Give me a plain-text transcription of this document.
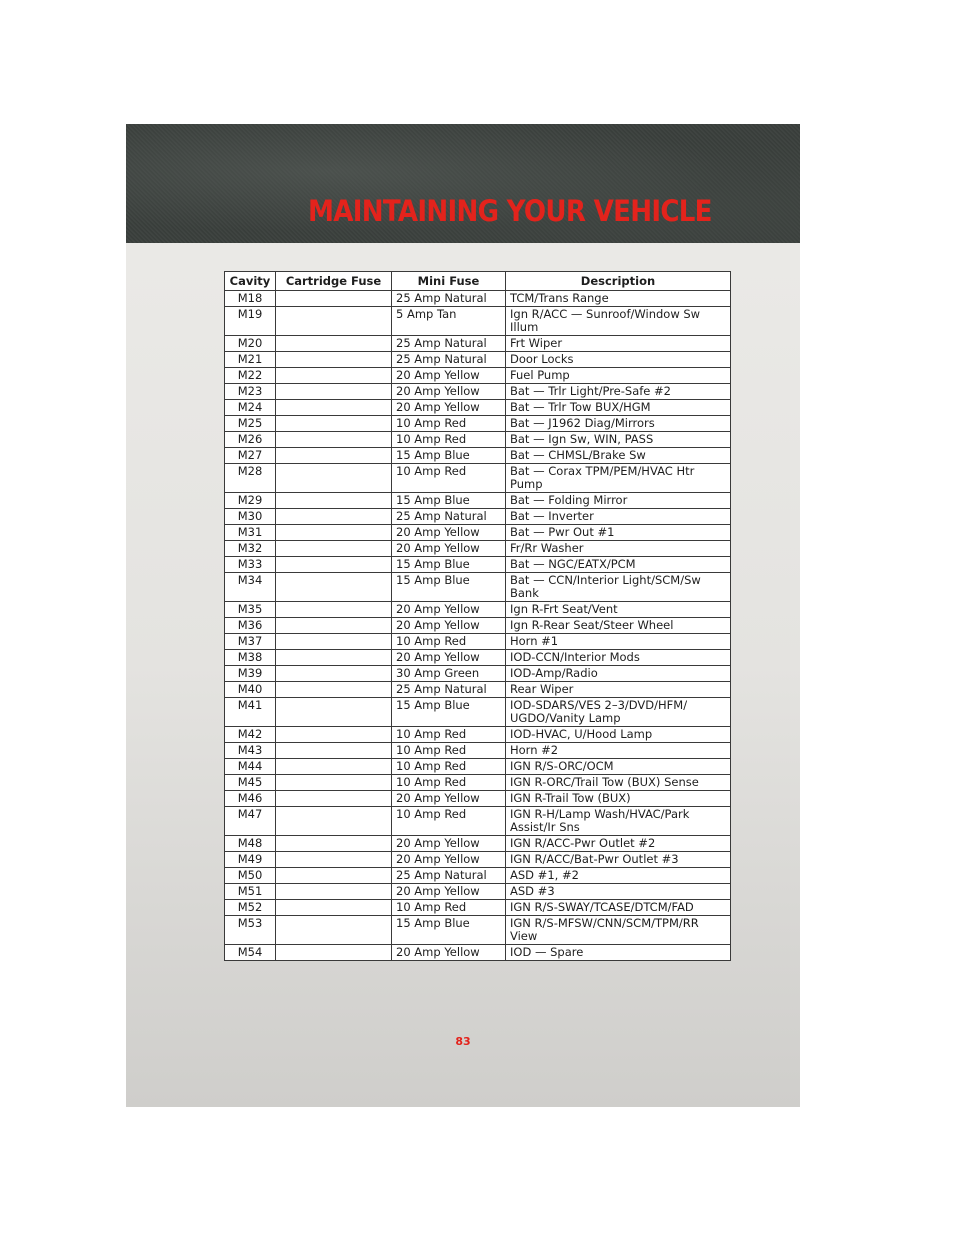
MAINTAINING YOUR VEHICLE
Cavity	Cartridge Fuse	Mini Fuse	Description
M18		25 Amp Natural	TCM/Trans Range
M19		5 Amp Tan	Ign R/ACC — Sunroof/Window Sw Illum
M20		25 Amp Natural	Frt Wiper
M21		25 Amp Natural	Door Locks
M22		20 Amp Yellow	Fuel Pump
M23		20 Amp Yellow	Bat — Trlr Light/Pre-Safe #2
M24		20 Amp Yellow	Bat — Trlr Tow BUX/HGM
M25		10 Amp Red	Bat — J1962 Diag/Mirrors
M26		10 Amp Red	Bat — Ign Sw, WIN, PASS
M27		15 Amp Blue	Bat — CHMSL/Brake Sw
M28		10 Amp Red	Bat — Corax TPM/PEM/HVAC Htr Pump
M29		15 Amp Blue	Bat — Folding Mirror
M30		25 Amp Natural	Bat — Inverter
M31		20 Amp Yellow	Bat — Pwr Out #1
M32		20 Amp Yellow	Fr/Rr Washer
M33		15 Amp Blue	Bat — NGC/EATX/PCM
M34		15 Amp Blue	Bat — CCN/Interior Light/SCM/Sw Bank
M35		20 Amp Yellow	Ign R-Frt Seat/Vent
M36		20 Amp Yellow	Ign R-Rear Seat/Steer Wheel
M37		10 Amp Red	Horn #1
M38		20 Amp Yellow	IOD-CCN/Interior Mods
M39		30 Amp Green	IOD-Amp/Radio
M40		25 Amp Natural	Rear Wiper
M41		15 Amp Blue	IOD-SDARS/VES 2–3/DVD/HFM/ UGDO/Vanity Lamp
M42		10 Amp Red	IOD-HVAC, U/Hood Lamp
M43		10 Amp Red	Horn #2
M44		10 Amp Red	IGN R/S-ORC/OCM
M45		10 Amp Red	IGN R-ORC/Trail Tow (BUX) Sense
M46		20 Amp Yellow	IGN R-Trail Tow (BUX)
M47		10 Amp Red	IGN R-H/Lamp Wash/HVAC/Park Assist/Ir Sns
M48		20 Amp Yellow	IGN R/ACC-Pwr Outlet #2
M49		20 Amp Yellow	IGN R/ACC/Bat-Pwr Outlet #3
M50		25 Amp Natural	ASD #1, #2
M51		20 Amp Yellow	ASD #3
M52		10 Amp Red	IGN R/S-SWAY/TCASE/DTCM/FAD
M53		15 Amp Blue	IGN R/S-MFSW/CNN/SCM/TPM/RR View
M54		20 Amp Yellow	IOD — Spare
83
